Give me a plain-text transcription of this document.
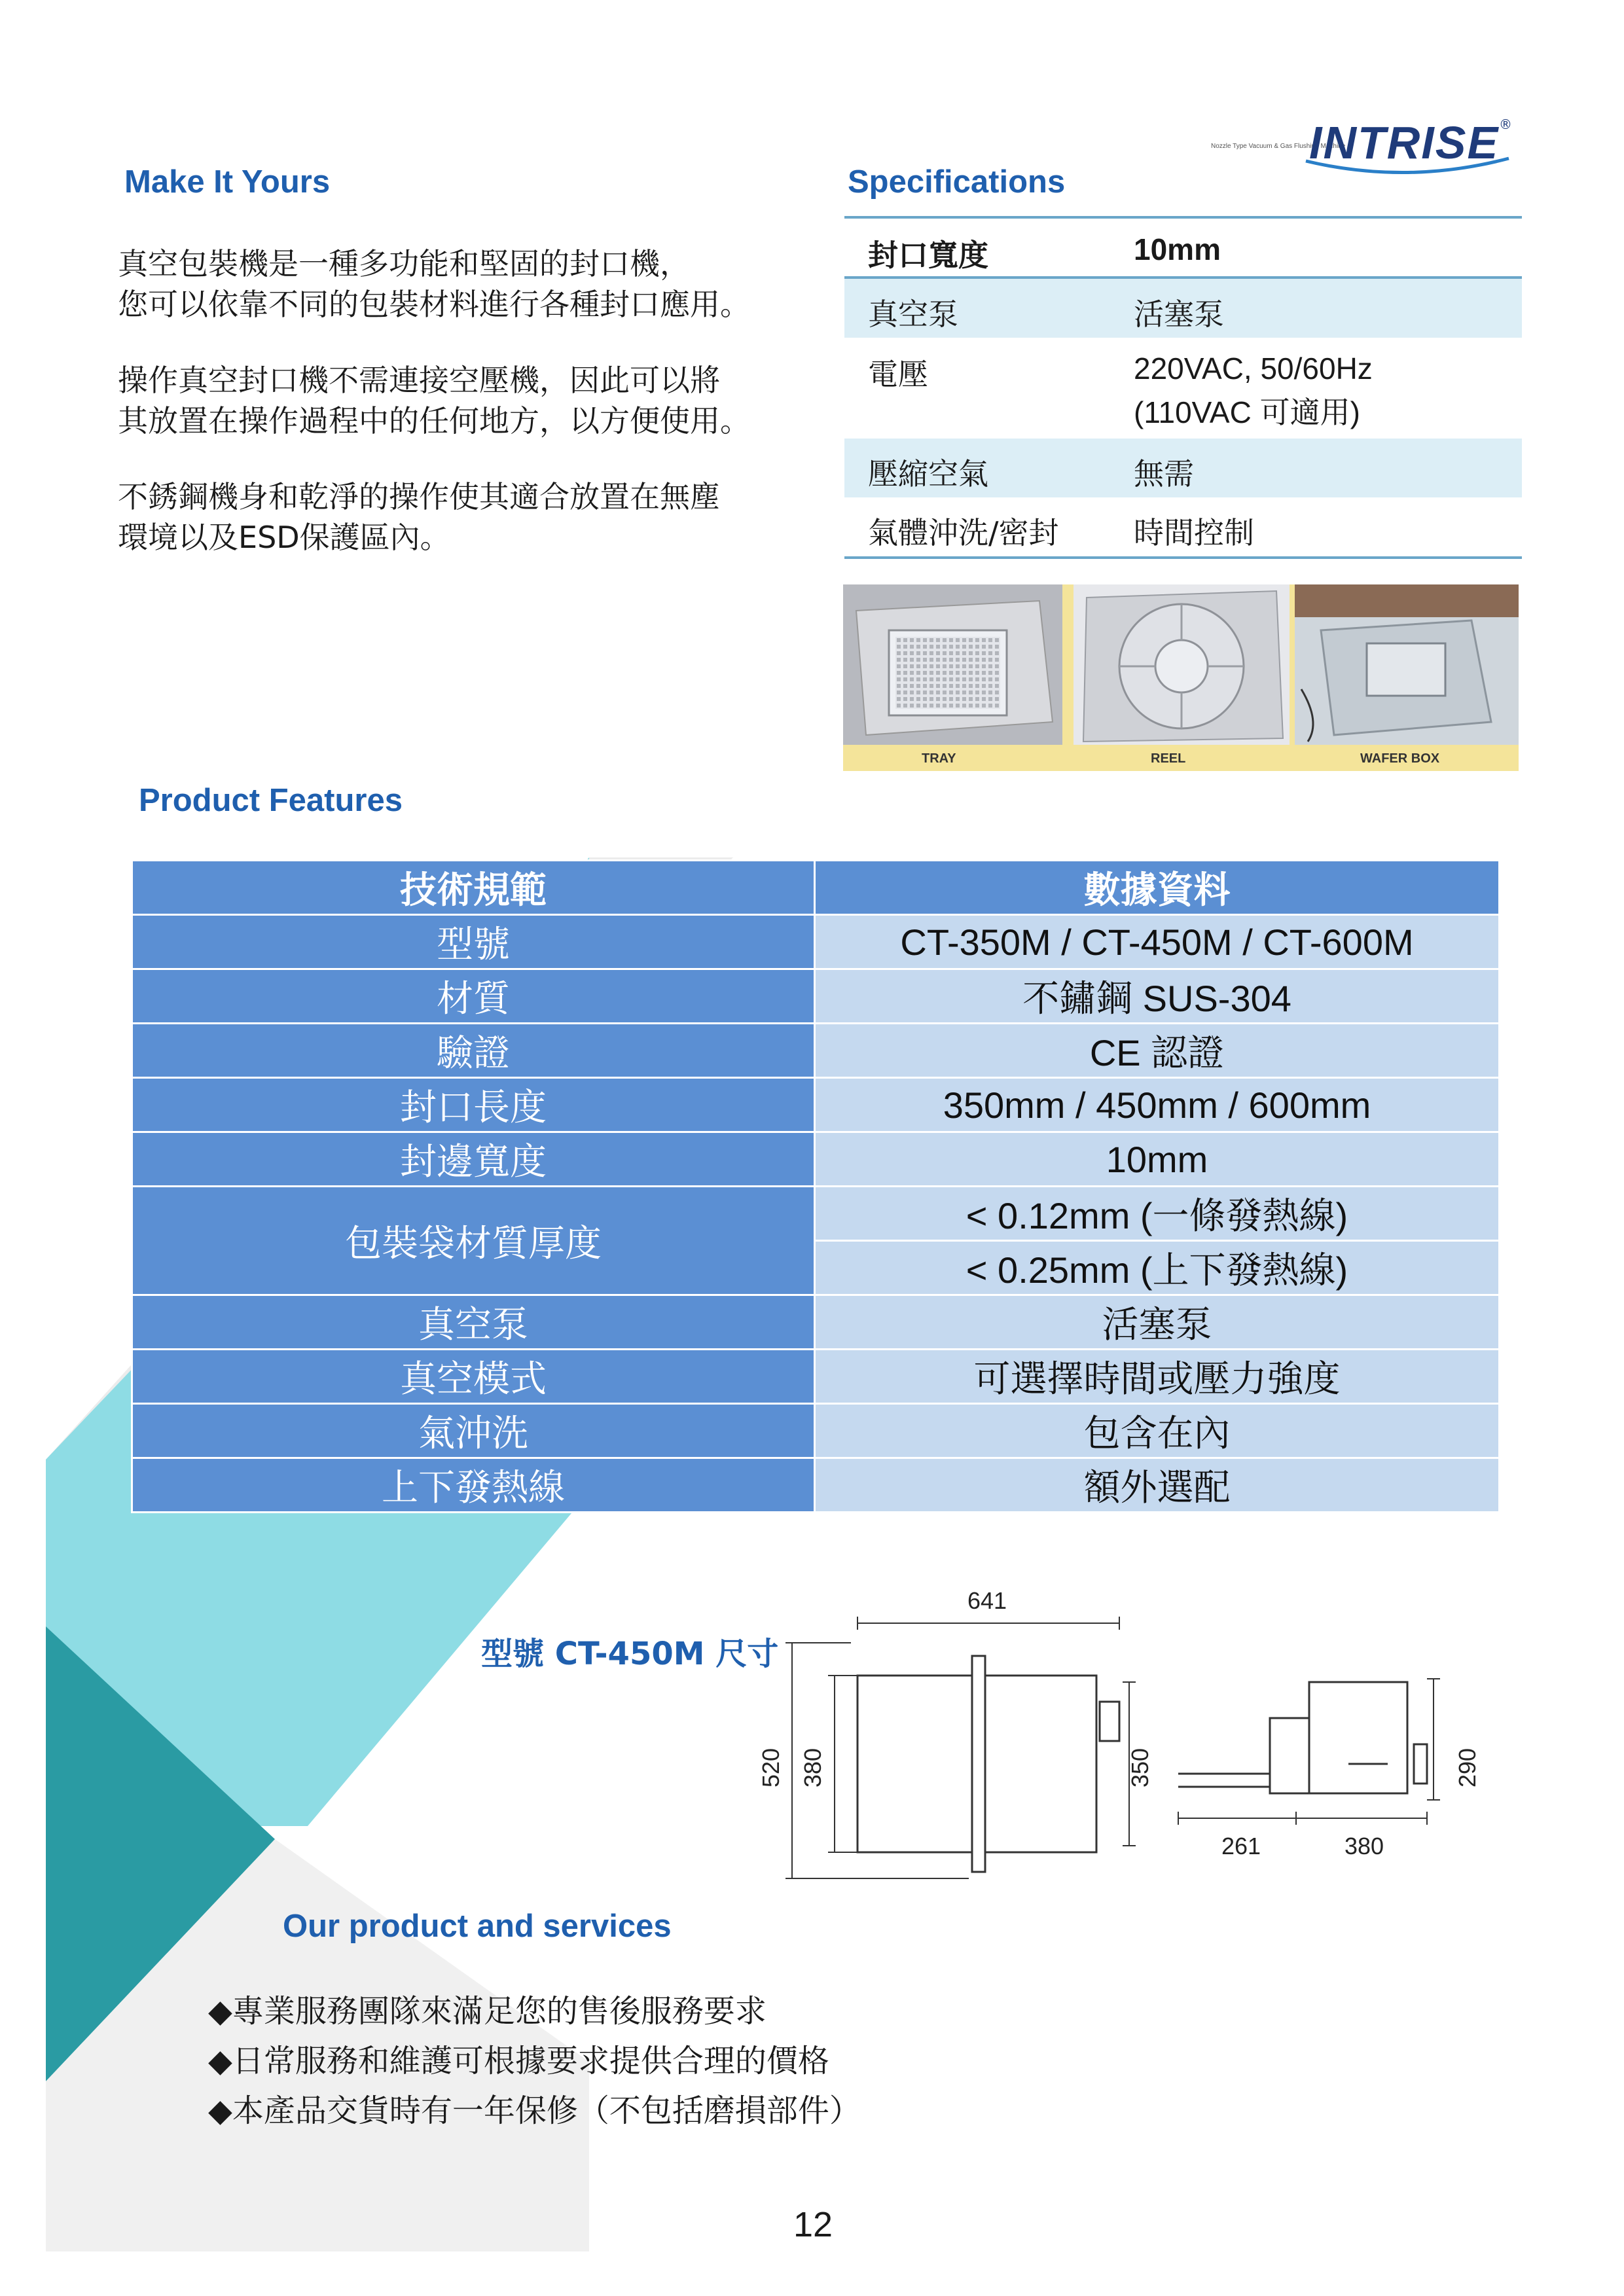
Nozzle Type Vacuum & Gas Flushing Machine
INTRISE ®
Make It Yours
真空包裝機是一種多功能和堅固的封口機，
您可以依靠不同的包裝材料進行各種封口應用。
操作真空封口機不需連接空壓機，因此可以將
其放置在操作過程中的任何地方，以方便使用。
不銹鋼機身和乾淨的操作使其適合放置在無塵
環境以及ESD保護區內。
Specifications
封口寬度	10mm
真空泵	活塞泵
電壓	220VAC, 50/60Hz
(110VAC 可適用)
壓縮空氣	無需
氣體沖洗/密封 時間控制
TRAY	REEL	WAFER BOX
Product Features
技術規範	數據資料
型號	CT-350M / CT-450M / CT-600M
材質	不鏽鋼 SUS-304
驗證	CE 認證
封口長度	350mm / 450mm / 600mm
封邊寬度	10mm
包裝袋材質厚度	< 0.12mm (一條發熱線)
	< 0.25mm (上下發熱線)
真空泵	活塞泵
真空模式	可選擇時間或壓力強度
氣沖洗	包含在內
上下發熱線	額外選配
型號 CT-450M 尺寸
641
520 380	350	290
261	380
Our product and services
◆專業服務團隊來滿足您的售後服務要求
◆日常服務和維護可根據要求提供合理的價格
◆本產品交貨時有一年保修（不包括磨損部件）
12
